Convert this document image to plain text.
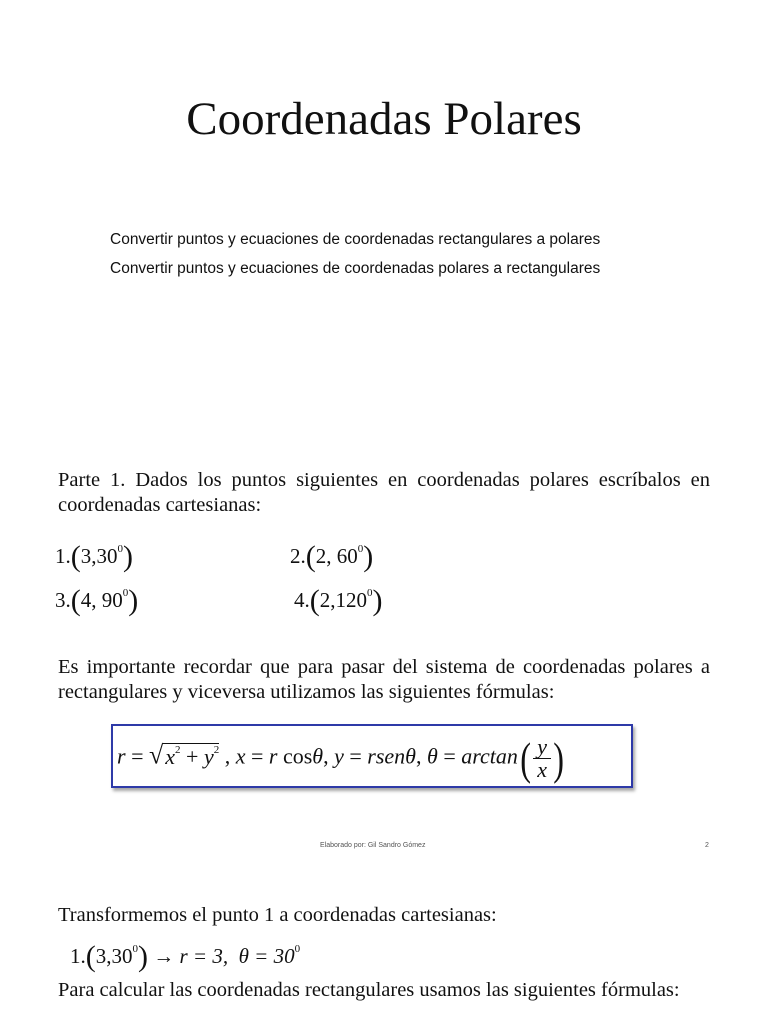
Coordenadas Polares
Convertir puntos y ecuaciones de coordenadas rectangulares a polares
Convertir puntos y ecuaciones de coordenadas polares a rectangulares
Parte 1. Dados los puntos siguientes en coordenadas polares escríbalos en coordenadas cartesianas:
1.(3,30$^0$)	2.(2, $60^0$)
3.(4, $90^0$)	4.(2,120$^0$)
Es importante recordar que para pasar del sistema de coordenadas polares a rectangulares y viceversa utilizamos las siguientes fórmulas:
$r = √x^2 + y^2$ , x = r cosθ, y = rsenθ, $\theta = \arctan( \frac{y}{x}$ )
Elaborado por: Gil Sandro Gómez	2
Transformemos el punto 1 a coordenadas cartesianas:
$1.(3,30^0) \to r = 3$, $\theta = 30^0$
Para calcular las coordenadas rectangulares usamos las siguientes fórmulas:
